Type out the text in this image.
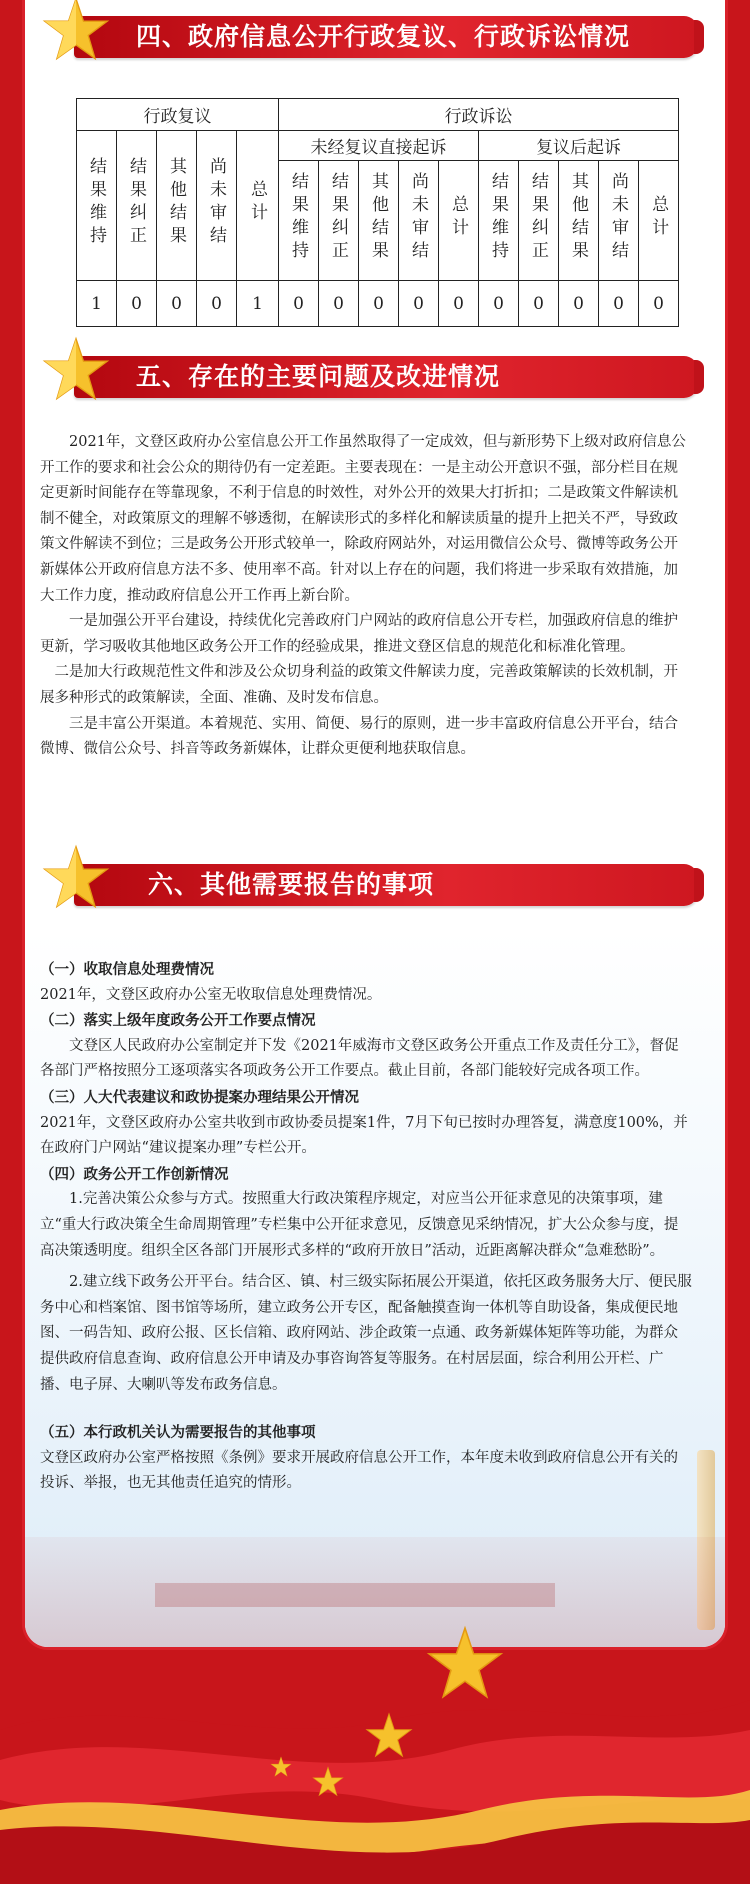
四、政府信息公开行政复议、行政诉讼情况
行政复议					行政诉讼									
结果维持	结果纠正	其他结果	尚未审结	总计	未经复议直接起诉					复议后起诉				
					结果维持	结果纠正	其他结果	尚未审结	总计	结果维持	结果纠正	其他结果	尚未审结	总计
1	0	0	0	1	0	0	0	0	0	0	0	0	0	0
五、存在的主要问题及改进情况

2021年，文登区政府办公室信息公开工作虽然取得了一定成效，但与新形势下上级对政府信息公开工作的要求和社会公众的期待仍有一定差距。主要表现在：一是主动公开意识不强，部分栏目在规定更新时间能存在等靠现象，不利于信息的时效性，对外公开的效果大打折扣；二是政策文件解读机制不健全，对政策原文的理解不够透彻，在解读形式的多样化和解读质量的提升上把关不严，导致政策文件解读不到位；三是政务公开形式较单一，除政府网站外，对运用微信公众号、微博等政务公开新媒体公开政府信息方法不多、使用率不高。针对以上存在的问题，我们将进一步采取有效措施，加大工作力度，推动政府信息公开工作再上新台阶。

一是加强公开平台建设，持续优化完善政府门户网站的政府信息公开专栏，加强政府信息的维护更新，学习吸收其他地区政务公开工作的经验成果，推进文登区信息的规范化和标准化管理。

二是加大行政规范性文件和涉及公众切身利益的政策文件解读力度，完善政策解读的长效机制，开展多种形式的政策解读，全面、准确、及时发布信息。

三是丰富公开渠道。本着规范、实用、简便、易行的原则，进一步丰富政府信息公开平台，结合微博、微信公众号、抖音等政务新媒体，让群众更便利地获取信息。

六、其他需要报告的事项

（一）收取信息处理费情况

2021年，文登区政府办公室无收取信息处理费情况。

（二）落实上级年度政务公开工作要点情况

文登区人民政府办公室制定并下发《2021年威海市文登区政务公开重点工作及责任分工》，督促各部门严格按照分工逐项落实各项政务公开工作要点。截止目前，各部门能较好完成各项工作。

（三）人大代表建议和政协提案办理结果公开情况

2021年，文登区政府办公室共收到市政协委员提案1件，7月下旬已按时办理答复，满意度100%，并在政府门户网站“建议提案办理”专栏公开。

（四）政务公开工作创新情况

1.完善决策公众参与方式。按照重大行政决策程序规定，对应当公开征求意见的决策事项，建立“重大行政决策全生命周期管理”专栏集中公开征求意见，反馈意见采纳情况，扩大公众参与度，提高决策透明度。组织全区各部门开展形式多样的“政府开放日”活动，近距离解决群众“急难愁盼”。

2.建立线下政务公开平台。结合区、镇、村三级实际拓展公开渠道，依托区政务服务大厅、便民服务中心和档案馆、图书馆等场所，建立政务公开专区，配备触摸查询一体机等自助设备，集成便民地图、一码告知、政府公报、区长信箱、政府网站、涉企政策一点通、政务新媒体矩阵等功能，为群众提供政府信息查询、政府信息公开申请及办事咨询答复等服务。在村居层面，综合利用公开栏、广播、电子屏、大喇叭等发布政务信息。

（五）本行政机关认为需要报告的其他事项

文登区政府办公室严格按照《条例》要求开展政府信息公开工作，本年度未收到政府信息公开有关的投诉、举报，也无其他责任追究的情形。
